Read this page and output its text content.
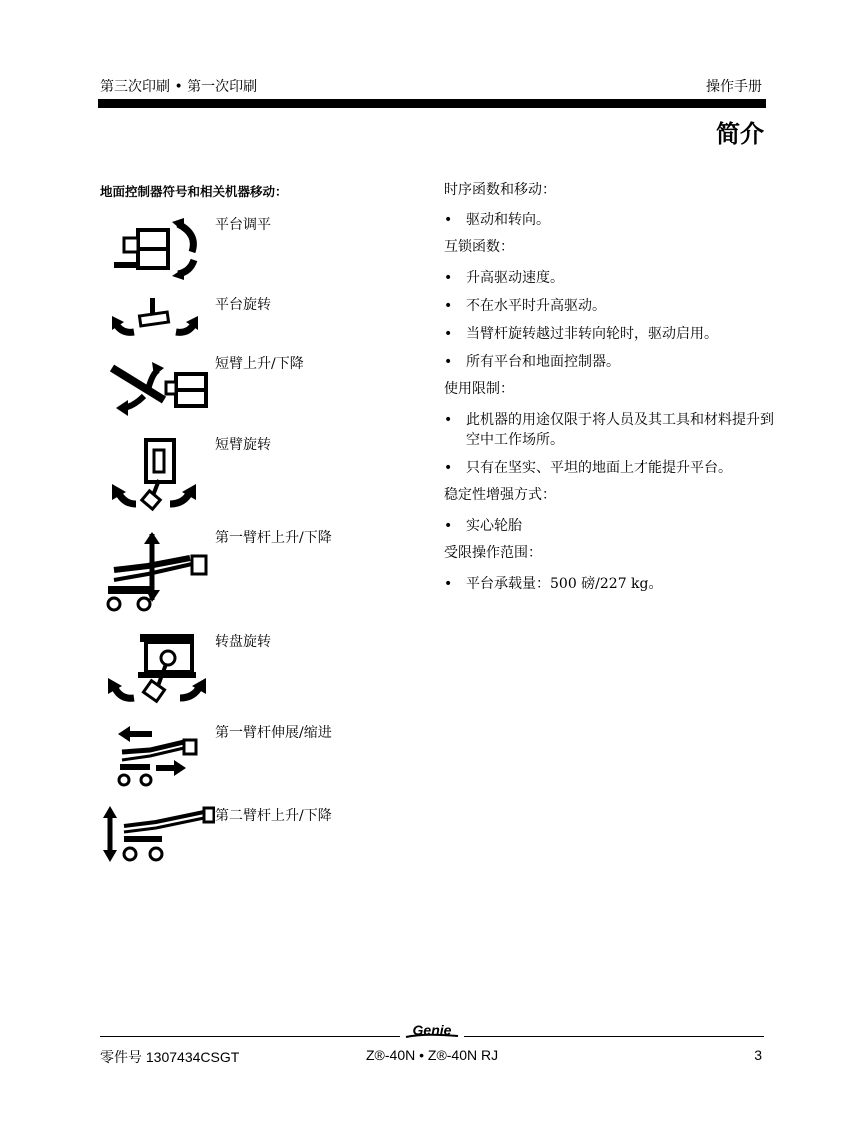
第三次印刷 • 第一次印刷	操作手册
简介
地面控制器符号和相关机器移动：
平台调平
平台旋转
短臂上升/下降
短臂旋转
第一臂杆上升/下降
转盘旋转
第一臂杆伸展/缩进
第二臂杆上升/下降

时序函数和移动：

• 驱动和转向。

互锁函数：

• 升高驱动速度。
• 不在水平时升高驱动。
• 当臂杆旋转越过非转向轮时，驱动启用。
• 所有平台和地面控制器。

使用限制：

• 此机器的用途仅限于将人员及其工具和材料提升到空中工作场所。
• 只有在坚实、平坦的地面上才能提升平台。

稳定性增强方式：

• 实心轮胎

受限操作范围：

• 平台承载量：500 磅/227 kg。
Genie
零件号 1307434CSGT	Z®-40N • Z®-40N RJ	3
